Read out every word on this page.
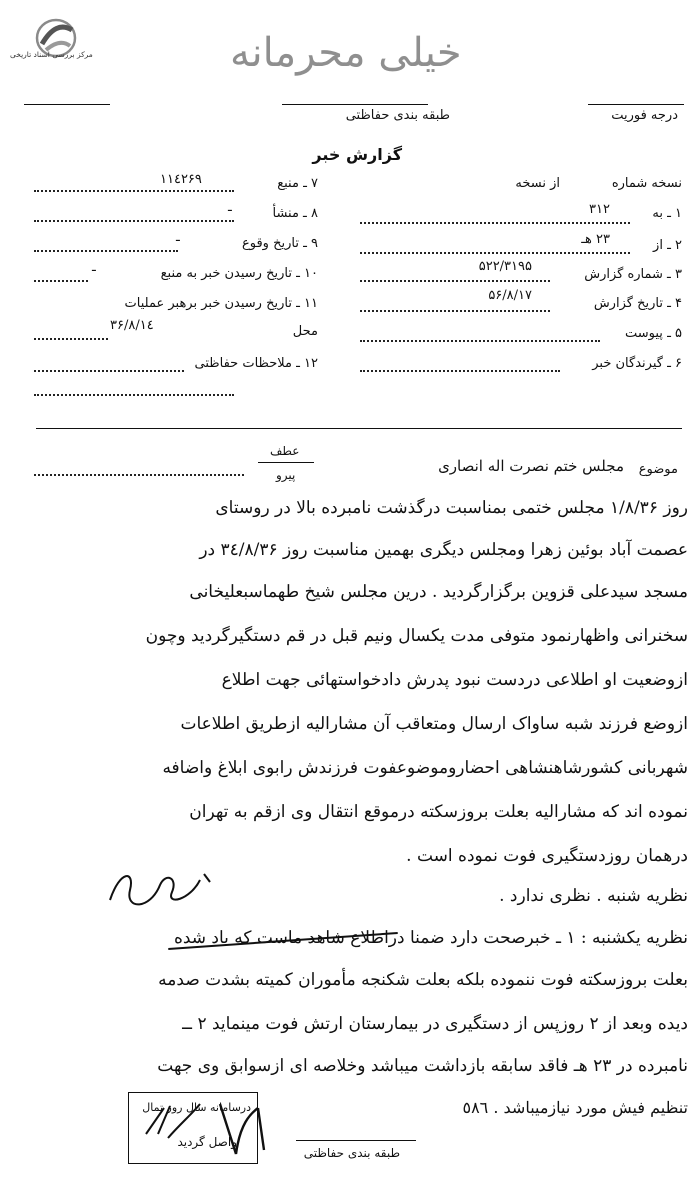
مرکز بررسی اسناد تاریخی	خیلی محرمانه
درجه فوریت
طبقه بندی حفاظتی
گزارش خبر
نسخه شماره
از نسخه
۱ ـ به
۳۱۲
۲ ـ از
۲۳ هـ
۳ ـ شماره گزارش
۵۲۲/۳۱۹۵
۴ ـ تاریخ گزارش
۵۶/۸/۱۷
۵ ـ پیوست
۶ ـ گیرندگان خبر
۷ ـ منبع
۱۱٤۲۶۹
۸ ـ منشأ
ـ
۹ ـ تاریخ وقوع
ـ
۱۰ ـ تاریخ رسیدن خبر به منبع
ـ
۱۱ ـ تاریخ رسیدن خبر برهبر عملیات
محل
۳۶/۸/۱٤
۱۲ ـ ملاحظات حفاظتی
موضوع
مجلس ختم نصرت اله انصاری
عطف
پیرو
روز ۱/۸/۳۶ مجلس ختمی بمناسبت درگذشت نامبرده بالا در روستای
عصمت آباد بوئین زهرا ومجلس دیگری بهمین مناسبت روز ۳٤/۸/۳۶ در
مسجد سیدعلی قزوین برگزارگردید . درین مجلس شیخ طهماسبعلیخانی
سخنرانی واظهارنمود متوفی مدت یکسال ونیم قبل در قم دستگیرگردید وچون
ازوضعیت او اطلاعی دردست نبود پدرش دادخواستهائی جهت اطلاع
ازوضع فرزند شبه ساواک ارسال ومتعاقب آن مشارالیه ازطریق اطلاعات
شهربانی کشورشاهنشاهی احضاروموضوعفوت فرزندش رابوی ابلاغ واضافه
نموده اند که مشارالیه بعلت بروزسکته درموقع انتقال وی ازقم به تهران
درهمان روزدستگیری فوت نموده است .
نظریه شنبه . نظری ندارد .
نظریه یکشنبه : ۱ ـ خبرصحت دارد ضمنا دراطلاع شاهد ماست که یاد شده
بعلت بروزسکته فوت ننموده بلکه بعلت شکنجه مأموران کمیته بشدت صدمه
دیده وبعد از ۲ روزپس از دستگیری در بیمارستان ارتش فوت مینماید ۲ ــ
نامبرده در ۲۳ هـ فاقد سابقه بازداشت میباشد وخلاصه ای ازسوابق وی جهت
تنظیم فیش مورد نیازمیباشد . ٥٨٦
درسامانه سال روز تمال
واصل گردید
طبقه بندی حفاظتی
